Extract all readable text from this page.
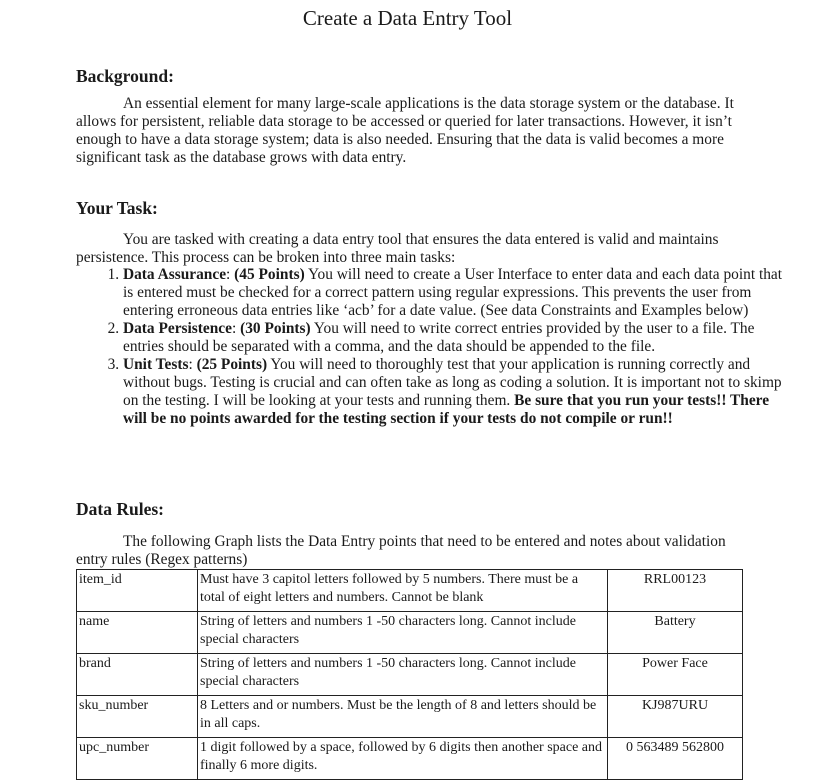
Create a Data Entry Tool
Background:
An essential element for many large-scale applications is the data storage system or the database. It allows for persistent, reliable data storage to be accessed or queried for later transactions. However, it isn’t enough to have a data storage system; data is also needed. Ensuring that the data is valid becomes a more significant task as the database grows with data entry.
Your Task:
You are tasked with creating a data entry tool that ensures the data entered is valid and maintains persistence. This process can be broken into three main tasks:
1. Data Assurance: (45 Points) You will need to create a User Interface to enter data and each data point that is entered must be checked for a correct pattern using regular expressions. This prevents the user from entering erroneous data entries like ‘acb’ for a date value. (See data Constraints and Examples below)
2. Data Persistence: (30 Points) You will need to write correct entries provided by the user to a file. The entries should be separated with a comma, and the data should be appended to the file.
3. Unit Tests: (25 Points) You will need to thoroughly test that your application is running correctly and without bugs. Testing is crucial and can often take as long as coding a solution. It is important not to skimp on the testing. I will be looking at your tests and running them. Be sure that you run your tests!! There will be no points awarded for the testing section if your tests do not compile or run!!
Data Rules:
The following Graph lists the Data Entry points that need to be entered and notes about validation entry rules (Regex patterns)
item_id	Must have 3 capitol letters followed by 5 numbers. There must be a total of eight letters and numbers. Cannot be blank	RRL00123
name	String of letters and numbers 1 -50 characters long. Cannot include special characters	Battery
brand	String of letters and numbers 1 -50 characters long. Cannot include special characters	Power Face
sku_number	8 Letters and or numbers. Must be the length of 8 and letters should be in all caps.	KJ987URU
upc_number	1 digit followed by a space, followed by 6 digits then another space and finally 6 more digits.	0 563489 562800
